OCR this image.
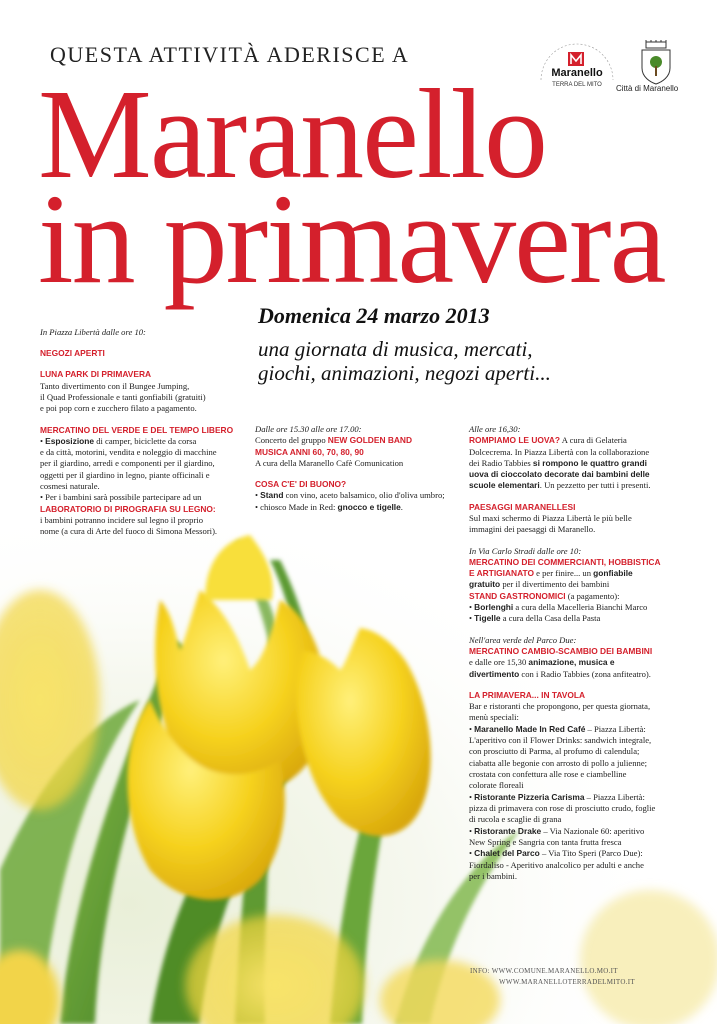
QUESTA ATTIVITÀ ADERISCE A
Maranello
TERRA DEL MITO Città di Maranello
Maranello
in primavera
Domenica 24 marzo 2013
una giornata di musica, mercati,
giochi, animazioni, negozi aperti...

In Piazza Libertà dalle ore 10:

NEGOZI APERTI

LUNA PARK DI PRIMAVERA

Tanto divertimento con il Bungee Jumping,

il Quad Professionale e tanti gonfiabili (gratuiti)

e poi pop corn e zucchero filato a pagamento.

MERCATINO DEL VERDE E DEL TEMPO LIBERO

• Esposizione di camper, biciclette da corsa

e da città, motorini, vendita e noleggio di macchine

per il giardino, arredi e componenti per il giardino,

oggetti per il giardino in legno, piante officinali e

cosmesi naturale.

• Per i bambini sarà possibile partecipare ad un

LABORATORIO DI PIROGRAFIA SU LEGNO:

i bambini potranno incidere sul legno il proprio

nome (a cura di Arte del fuoco di Simona Messori).

Dalle ore 15.30 alle ore 17.00:

Concerto del gruppo NEW GOLDEN BAND

MUSICA ANNI 60, 70, 80, 90

A cura della Maranello Cafè Comunication

COSA C'E' DI BUONO?

• Stand con vino, aceto balsamico, olio d'oliva umbro;

• chiosco Made in Red: gnocco e tigelle.

Alle ore 16,30:

ROMPIAMO LE UOVA? A cura di Gelateria

Dolcecrema. In Piazza Libertà con la collaborazione

dei Radio Tabbies si rompono le quattro grandi

uova di cioccolato decorate dai bambini delle

scuole elementari. Un pezzetto per tutti i presenti.

PAESAGGI MARANELLESI

Sul maxi schermo di Piazza Libertà le più belle

immagini dei paesaggi di Maranello.

In Via Carlo Stradi dalle ore 10:

MERCATINO DEI COMMERCIANTI, HOBBISTICA

E ARTIGIANATO e per finire... un gonfiabile

gratuito per il divertimento dei bambini

STAND GASTRONOMICI (a pagamento):

• Borlenghi a cura della Macelleria Bianchi Marco

• Tigelle a cura della Casa della Pasta

Nell'area verde del Parco Due:

MERCATINO CAMBIO-SCAMBIO DEI BAMBINI

e dalle ore 15,30 animazione, musica e

divertimento con i Radio Tabbies (zona anfiteatro).

LA PRIMAVERA... IN TAVOLA

Bar e ristoranti che propongono, per questa giornata,

menù speciali:

• Maranello Made In Red Café – Piazza Libertà:

L'aperitivo con il Flower Drinks: sandwich integrale,

con prosciutto di Parma, al profumo di calendula;

ciabatta alle begonie con arrosto di pollo a julienne;

crostata con confettura alle rose e ciambelline

colorate floreali

• Ristorante Pizzeria Carisma – Piazza Libertà:

pizza di primavera con rose di prosciutto crudo, foglie

di rucola e scaglie di grana

• Ristorante Drake – Via Nazionale 60: aperitivo

New Spring e Sangria con tanta frutta fresca

• Chalet del Parco – Via Tito Speri (Parco Due):

Fiordaliso - Aperitivo analcolico per adulti e anche

per i bambini.

INFO: WWW.COMUNE.MARANELLO.MO.IT
WWW.MARANELLOTERRADELMITO.IT
